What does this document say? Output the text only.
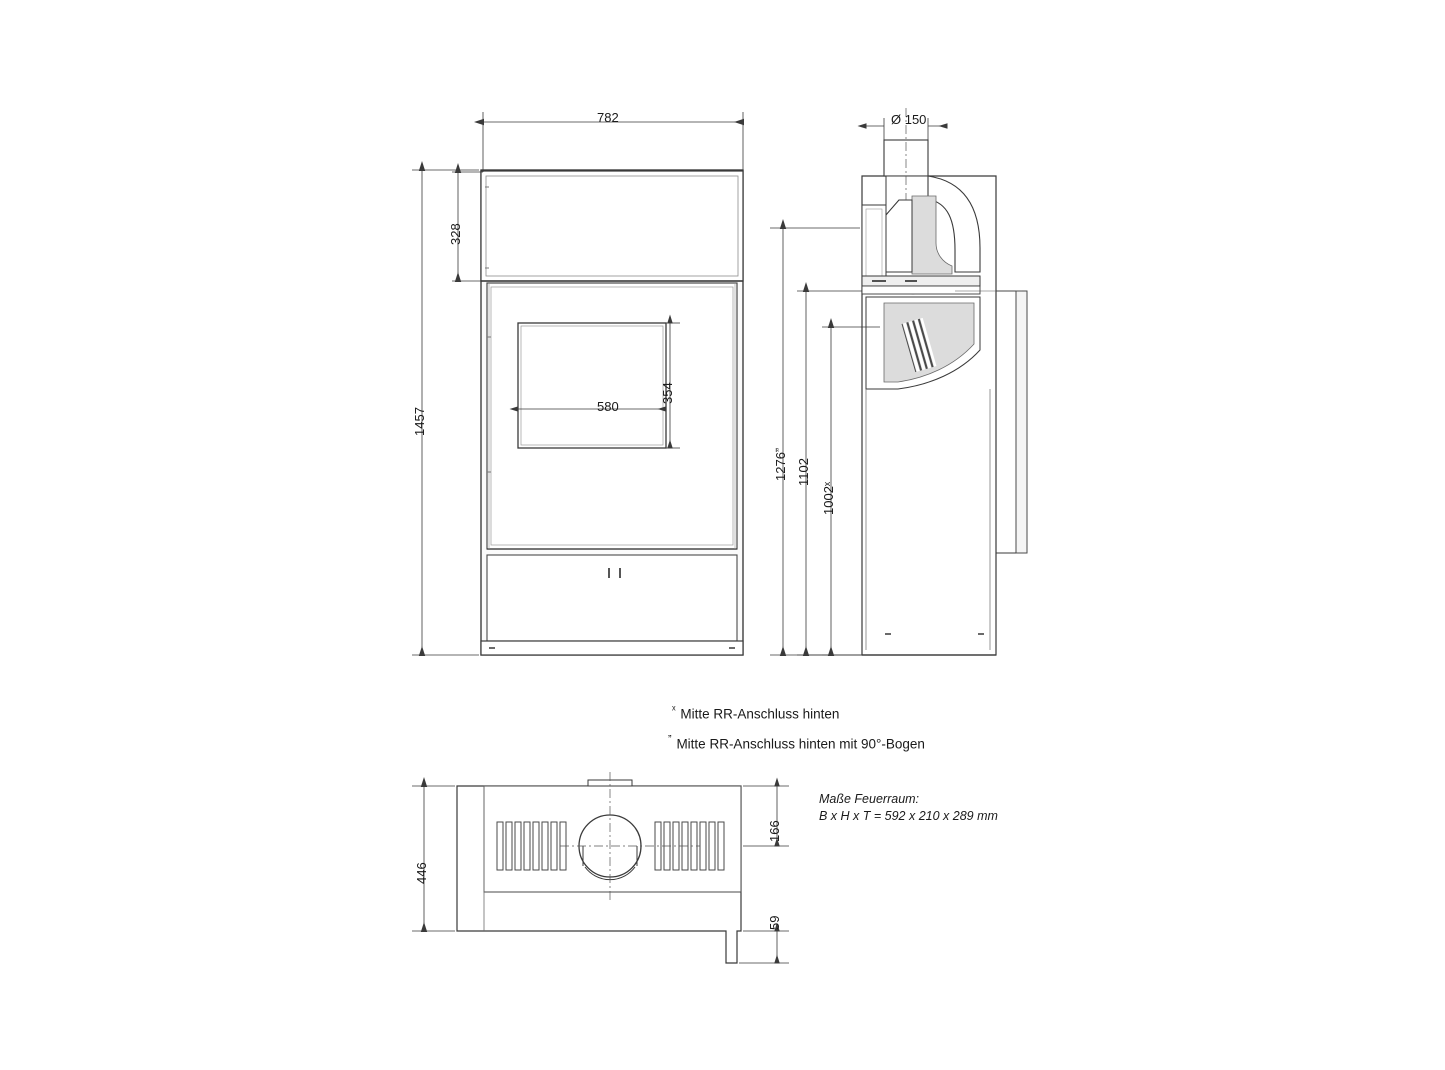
782
328
1457
580
354
Ø 150
1276ˮ 1102
1002ˣ
446
166
59
$^ˣ$ Mitte RR-Anschluss hinten
$^ˮ$ Mitte RR-Anschluss hinten mit 90°-Bogen
Maße Feuerraum:
B x H x T = 592 x 210 x 289 mm
